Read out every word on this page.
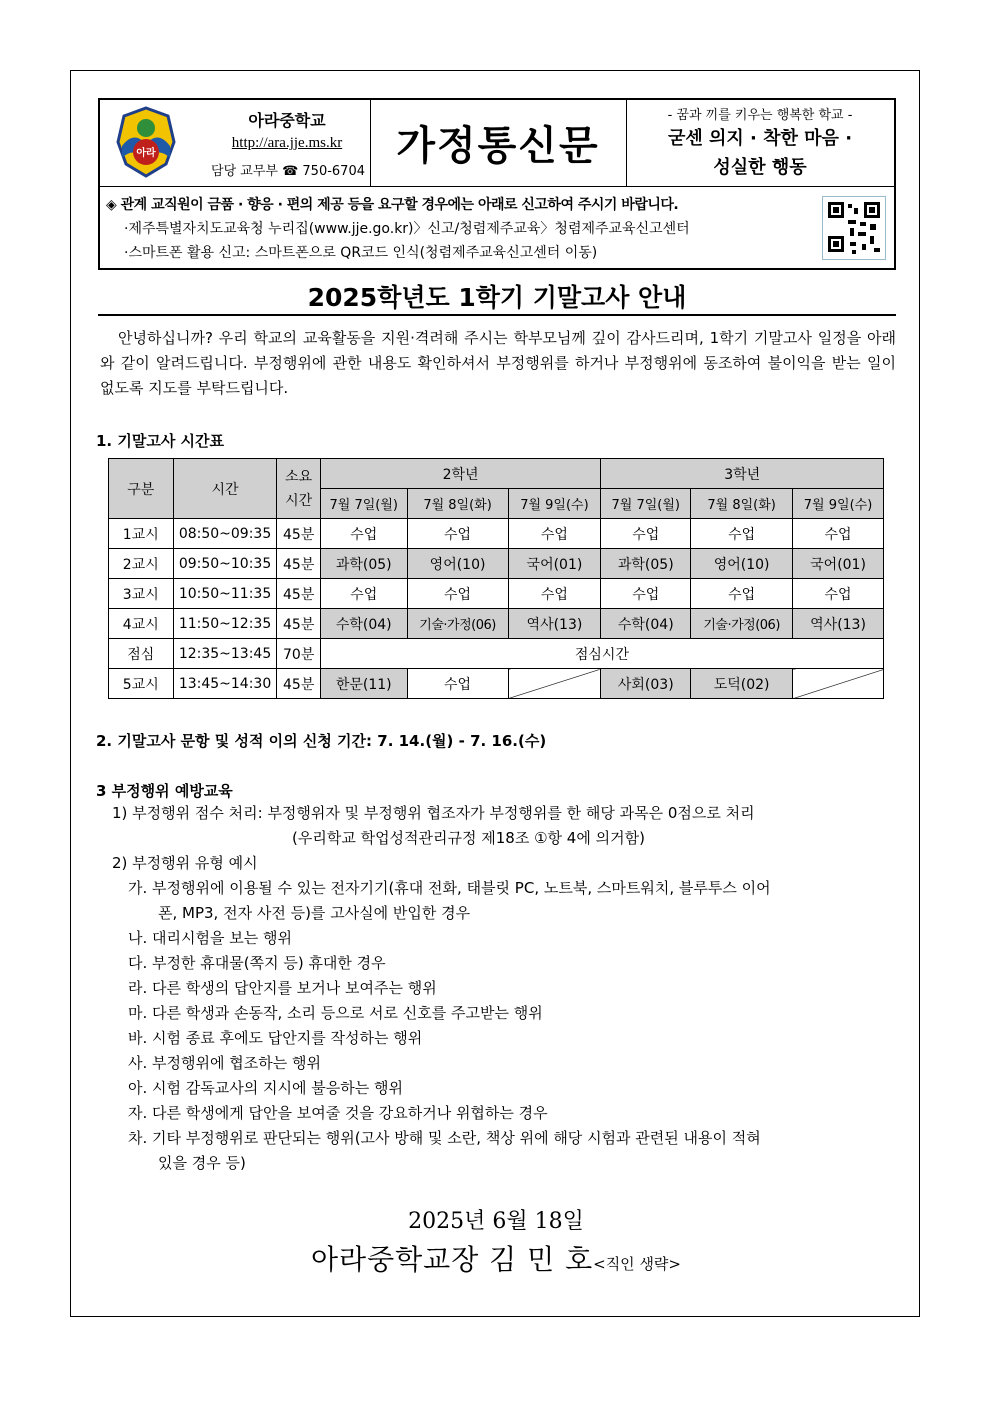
아라
아라중학교
http://ara.jje.ms.kr
담당 교무부 ☎ 750-6704
가정통신문
- 꿈과 끼를 키우는 행복한 학교 -
굳센 의지 · 착한 마음 ·
성실한 행동
◈ 관계 교직원이 금품 · 향응 · 편의 제공 등을 요구할 경우에는 아래로 신고하여 주시기 바랍니다.
·제주특별자치도교육청 누리집(www.jje.go.kr)〉신고/청렴제주교육〉청렴제주교육신고센터
·스마트폰 활용 신고: 스마트폰으로 QR코드 인식(청렴제주교육신고센터 이동)
2025학년도 1학기 기말고사 안내
안녕하십니까? 우리 학교의 교육활동을 지원·격려해 주시는 학부모님께 깊이 감사드리며, 1학기 기말고사 일정을 아래와 같이 알려드립니다. 부정행위에 관한 내용도 확인하셔서 부정행위를 하거나 부정행위에 동조하여 불이익을 받는 일이 없도록 지도를 부탁드립니다.
1. 기말고사 시간표
구분	시간	소요 시간	2학년			3학년		
			7월 7일(월)	7월 8일(화)	7월 9일(수)	7월 7일(월)	7월 8일(화)	7월 9일(수)
1교시	08:50~09:35	45분	수업	수업	수업	수업	수업	수업
2교시	09:50~10:35	45분	과학(05)	영어(10)	국어(01)	과학(05)	영어(10)	국어(01)
3교시	10:50~11:35	45분	수업	수업	수업	수업	수업	수업
4교시	11:50~12:35	45분	수학(04)	기술·가정(06)	역사(13)	수학(04)	기술·가정(06)	역사(13)
점심	12:35~13:45	70분	점심시간					
5교시	13:45~14:30	45분	한문(11)	수업		사회(03)	도덕(02)	
2. 기말고사 문항 및 성적 이의 신청 기간: 7. 14.(월) - 7. 16.(수)
3 부정행위 예방교육
1) 부정행위 점수 처리: 부정행위자 및 부정행위 협조자가 부정행위를 한 해당 과목은 0점으로 처리
(우리학교 학업성적관리규정 제18조 ①항 4에 의거함)
2) 부정행위 유형 예시
가. 부정행위에 이용될 수 있는 전자기기(휴대 전화, 태블릿 PC, 노트북, 스마트워치, 블루투스 이어
폰, MP3, 전자 사전 등)를 고사실에 반입한 경우
나. 대리시험을 보는 행위
다. 부정한 휴대물(쪽지 등) 휴대한 경우
라. 다른 학생의 답안지를 보거나 보여주는 행위
마. 다른 학생과 손동작, 소리 등으로 서로 신호를 주고받는 행위
바. 시험 종료 후에도 답안지를 작성하는 행위
사. 부정행위에 협조하는 행위
아. 시험 감독교사의 지시에 불응하는 행위
자. 다른 학생에게 답안을 보여줄 것을 강요하거나 위협하는 경우
차. 기타 부정행위로 판단되는 행위(고사 방해 및 소란, 책상 위에 해당 시험과 관련된 내용이 적혀
있을 경우 등)
2025년 6월 18일
아라중학교장 김 민 호<직인 생략>
